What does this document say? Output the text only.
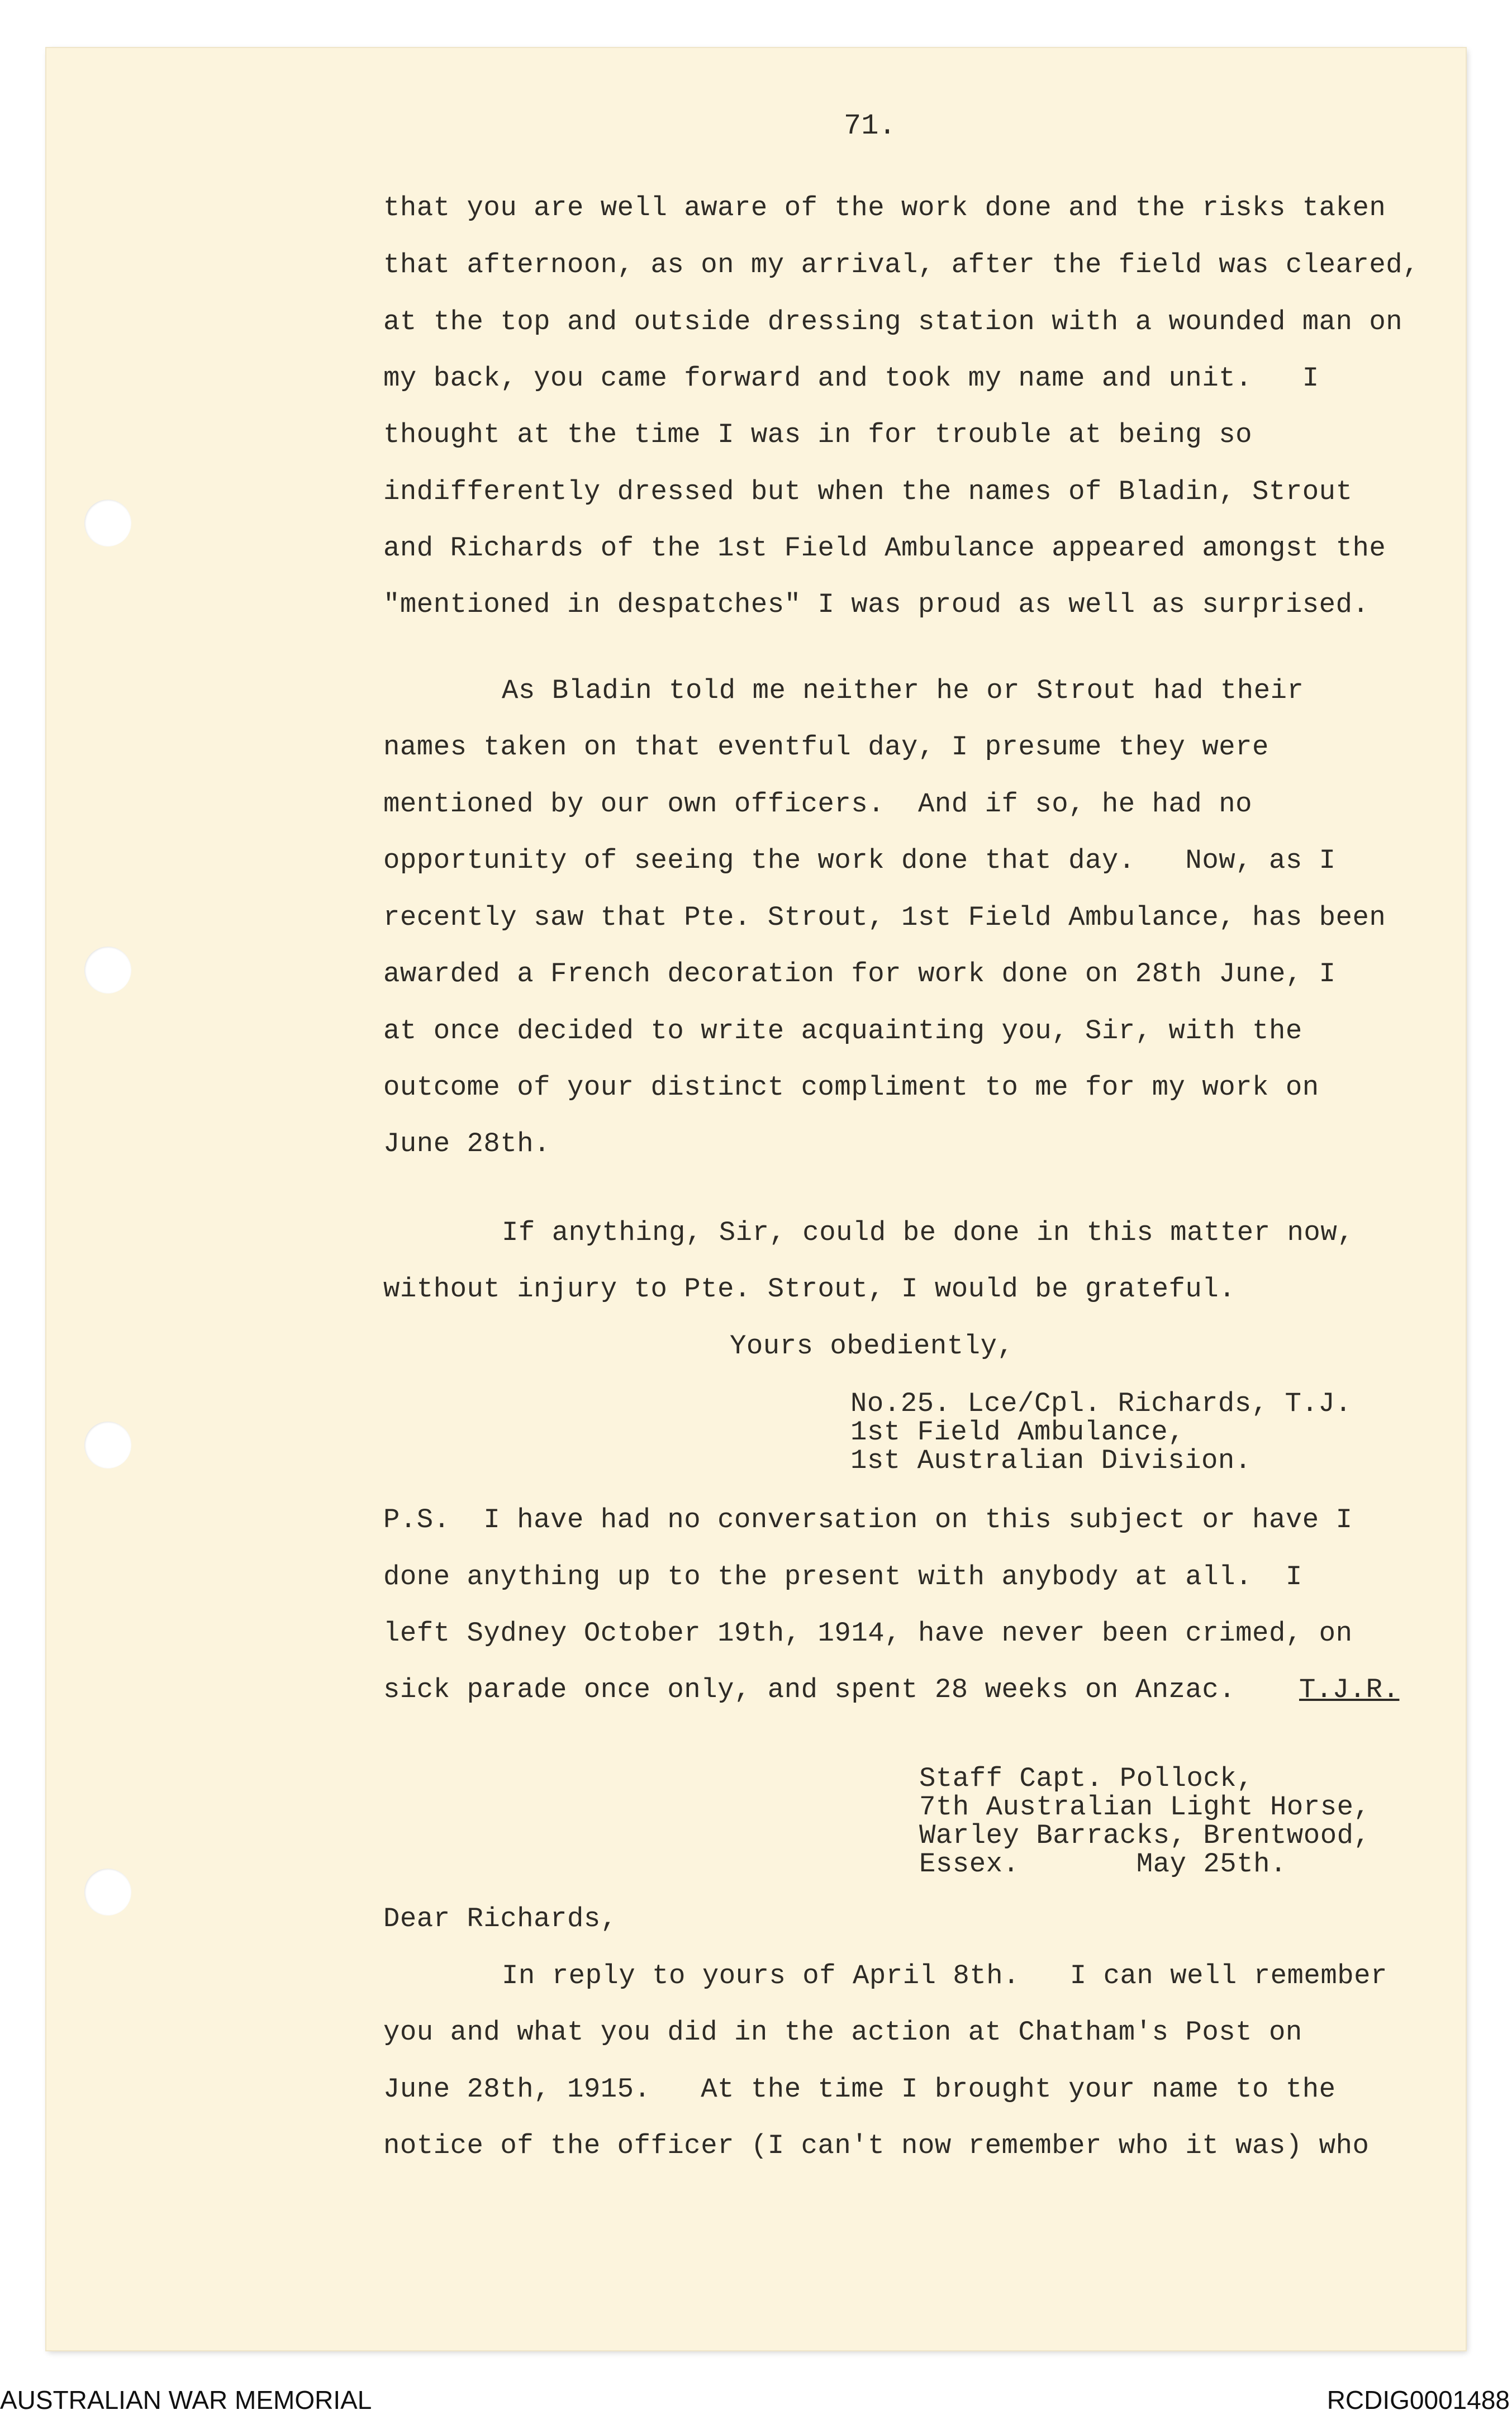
71.
that you are well aware of the work done and the risks taken
that afternoon, as on my arrival, after the field was cleared,
at the top and outside dressing station with a wounded man on
my back, you came forward and took my name and unit.   I
thought at the time I was in for trouble at being so
indifferently dressed but when the names of Bladin, Strout
and Richards of the 1st Field Ambulance appeared amongst the
"mentioned in despatches" I was proud as well as surprised.
As Bladin told me neither he or Strout had their
names taken on that eventful day, I presume they were
mentioned by our own officers.  And if so, he had no
opportunity of seeing the work done that day.   Now, as I
recently saw that Pte. Strout, 1st Field Ambulance, has been
awarded a French decoration for work done on 28th June, I
at once decided to write acquainting you, Sir, with the
outcome of your distinct compliment to me for my work on
June 28th.
If anything, Sir, could be done in this matter now,
without injury to Pte. Strout, I would be grateful.
Yours obediently,
No.25. Lce/Cpl. Richards, T.J.
1st Field Ambulance,
1st Australian Division.
P.S.  I have had no conversation on this subject or have I
done anything up to the present with anybody at all.  I
left Sydney October 19th, 1914, have never been crimed, on
sick parade once only, and spent 28 weeks on Anzac. T.J.R.
Staff Capt. Pollock,
7th Australian Light Horse,
Warley Barracks, Brentwood,
Essex.       May 25th.
Dear Richards,
In reply to yours of April 8th.   I can well remember
you and what you did in the action at Chatham's Post on
June 28th, 1915.   At the time I brought your name to the
notice of the officer (I can't now remember who it was) who
AUSTRALIAN WAR MEMORIAL	RCDIG0001488
